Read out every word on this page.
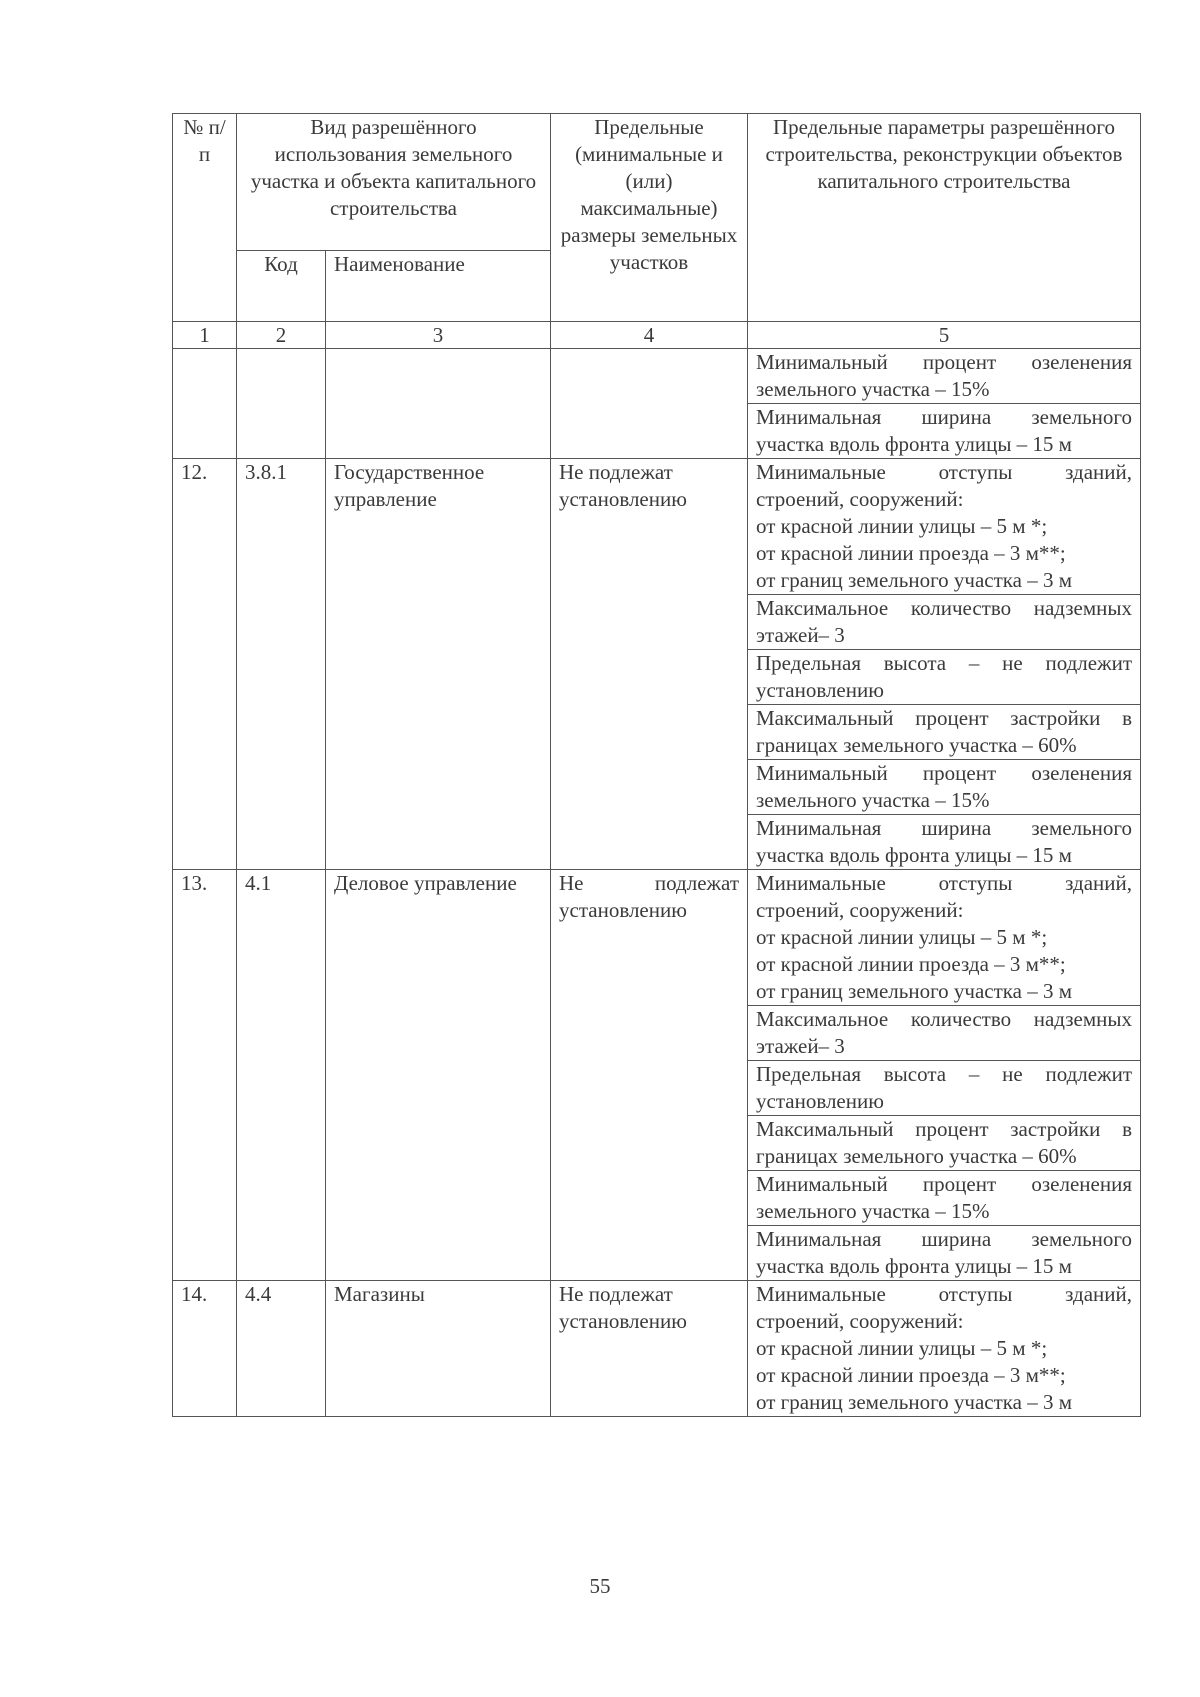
№ п/п	Вид разрешённого использования земельного участка и объекта капитального строительства		Предельные (минимальные и (или) максимальные) размеры земельных участков	Предельные параметры разрешённого строительства, реконструкции объектов капитального строительства
	Код	Наименование		
1	2	3	4	5
				Минимальный процент озеленения земельного участка – 15%
				Минимальная ширина земельного участка вдоль фронта улицы – 15 м
12.	3.8.1	Государственное управление	Не подлежат установлению	Минимальные отступы зданий,
строений, сооружений:
от красной линии улицы – 5 м *;
от красной линии проезда – 3 м**;
от границ земельного участка – 3 м

				Максимальное количество надземных этажей– 3
				Предельная высота – не подлежит установлению
				Максимальный процент застройки в границах земельного участка – 60%
				Минимальный процент озеленения земельного участка – 15%
				Минимальная ширина земельного участка вдоль фронта улицы – 15 м
13.	4.1	Деловое управление	Не подлежат установлению	Минимальные отступы зданий,
строений, сооружений:
от красной линии улицы – 5 м *;
от красной линии проезда – 3 м**;
от границ земельного участка – 3 м

				Максимальное количество надземных этажей– 3
				Предельная высота – не подлежит установлению
				Максимальный процент застройки в границах земельного участка – 60%
				Минимальный процент озеленения земельного участка – 15%
				Минимальная ширина земельного участка вдоль фронта улицы – 15 м
14.	4.4	Магазины	Не подлежат установлению	Минимальные отступы зданий,
строений, сооружений:
от красной линии улицы – 5 м *;
от красной линии проезда – 3 м**;
от границ земельного участка – 3 м
55
